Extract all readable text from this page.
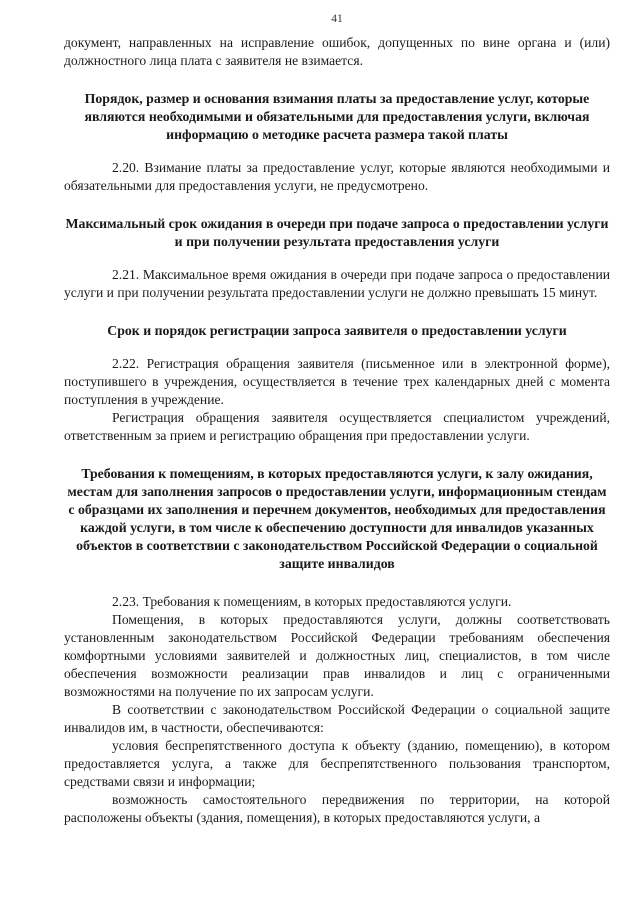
41

документ, направленных на исправление ошибок, допущенных по вине органа и (или) должностного лица плата с заявителя не взимается.

Порядок, размер и основания взимания платы за предоставление услуг, которые являются необходимыми и обязательными для предоставления услуги, включая информацию о методике расчета размера такой платы

2.20. Взимание платы за предоставление услуг, которые являются необходимыми и обязательными для предоставления услуги, не предусмотрено.

Максимальный срок ожидания в очереди при подаче запроса о предоставлении услуги и при получении результата предоставления услуги

2.21. Максимальное время ожидания в очереди при подаче запроса о предоставлении услуги и при получении результата предоставлении услуги не должно превышать 15 минут.

Срок и порядок регистрации запроса заявителя о предоставлении услуги

2.22. Регистрация обращения заявителя (письменное или в электронной форме), поступившего в учреждения, осуществляется в течение трех календарных дней с момента поступления в учреждение.

Регистрация обращения заявителя осуществляется специалистом учреждений, ответственным за прием и регистрацию обращения при предоставлении услуги.

Требования к помещениям, в которых предоставляются услуги, к залу ожидания, местам для заполнения запросов о предоставлении услуги, информационным стендам с образцами их заполнения и перечнем документов, необходимых для предоставления каждой услуги, в том числе к обеспечению доступности для инвалидов указанных объектов в соответствии с законодательством Российской Федерации о социальной защите инвалидов

2.23. Требования к помещениям, в которых предоставляются услуги.

Помещения, в которых предоставляются услуги, должны соответствовать установленным законодательством Российской Федерации требованиям обеспечения комфортными условиями заявителей и должностных лиц, специалистов, в том числе обеспечения возможности реализации прав инвалидов и лиц с ограниченными возможностями на получение по их запросам услуги.

В соответствии с законодательством Российской Федерации о социальной защите инвалидов им, в частности, обеспечиваются:

условия беспрепятственного доступа к объекту (зданию, помещению), в котором предоставляется услуга, а также для беспрепятственного пользования транспортом, средствами связи и информации;

возможность самостоятельного передвижения по территории, на которой расположены объекты (здания, помещения), в которых предоставляются услуги, а
